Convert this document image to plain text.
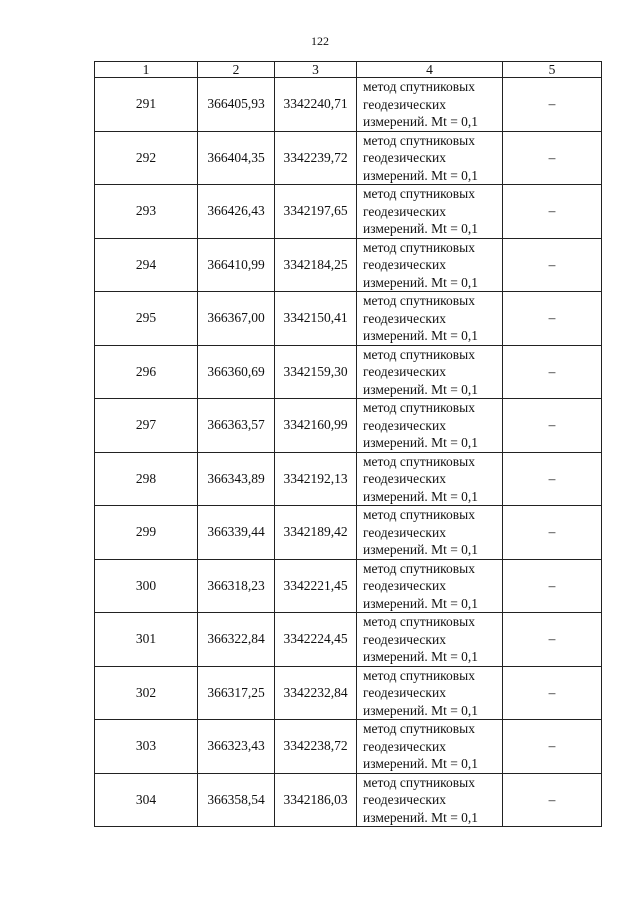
122
1	2	3	4	5
291	366405,93	3342240,71	метод спутниковых
геодезических
измерений. Mt = 0,1	–
292	366404,35	3342239,72	метод спутниковых
геодезических
измерений. Mt = 0,1	–
293	366426,43	3342197,65	метод спутниковых
геодезических
измерений. Mt = 0,1	–
294	366410,99	3342184,25	метод спутниковых
геодезических
измерений. Mt = 0,1	–
295	366367,00	3342150,41	метод спутниковых
геодезических
измерений. Mt = 0,1	–
296	366360,69	3342159,30	метод спутниковых
геодезических
измерений. Mt = 0,1	–
297	366363,57	3342160,99	метод спутниковых
геодезических
измерений. Mt = 0,1	–
298	366343,89	3342192,13	метод спутниковых
геодезических
измерений. Mt = 0,1	–
299	366339,44	3342189,42	метод спутниковых
геодезических
измерений. Mt = 0,1	–
300	366318,23	3342221,45	метод спутниковых
геодезических
измерений. Mt = 0,1	–
301	366322,84	3342224,45	метод спутниковых
геодезических
измерений. Mt = 0,1	–
302	366317,25	3342232,84	метод спутниковых
геодезических
измерений. Mt = 0,1	–
303	366323,43	3342238,72	метод спутниковых
геодезических
измерений. Mt = 0,1	–
304	366358,54	3342186,03	метод спутниковых
геодезических
измерений. Mt = 0,1	–
